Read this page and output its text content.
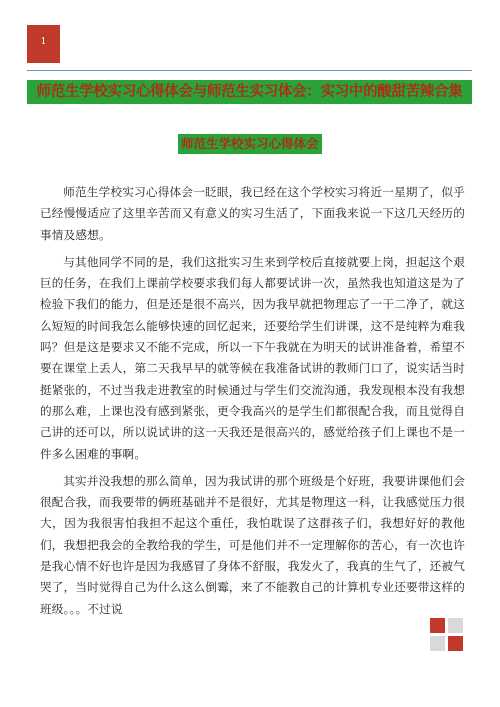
1
师范生学校实习心得体会与师范生实习体会：实习中的酸甜苦辣合集
师范生学校实习心得体会

师范生学校实习心得体会一眨眼，我已经在这个学校实习将近一星期了，似乎已经慢慢适应了这里辛苦而又有意义的实习生活了，下面我来说一下这几天经历的事情及感想。

与其他同学不同的是，我们这批实习生来到学校后直接就要上岗，担起这个艰巨的任务，在我们上课前学校要求我们每人都要试讲一次，虽然我也知道这是为了检验下我们的能力，但是还是很不高兴，因为我早就把物理忘了一干二净了，就这么短短的时间我怎么能够快速的回忆起来，还要给学生们讲课，这不是纯粹为难我吗？但是这是要求又不能不完成，所以一下午我就在为明天的试讲准备着，希望不要在课堂上丢人，第二天我早早的就等候在我准备试讲的教师门口了，说实话当时挺紧张的，不过当我走进教室的时候通过与学生们交流沟通，我发现根本没有我想的那么难，上课也没有感到紧张，更令我高兴的是学生们都很配合我，而且觉得自己讲的还可以，所以说试讲的这一天我还是很高兴的，感觉给孩子们上课也不是一件多么困难的事啊。

其实并没我想的那么简单，因为我试讲的那个班级是个好班，我要讲课他们会很配合我，而我要带的俩班基础并不是很好，尤其是物理这一科，让我感觉压力很大，因为我很害怕我担不起这个重任，我怕耽误了这群孩子们，我想好好的教他们，我想把我会的全教给我的学生，可是他们并不一定理解你的苦心，有一次也许是我心情不好也许是因为我感冒了身体不舒服，我发火了，我真的生气了，还被气哭了，当时觉得自己为什么这么倒霉，来了不能教自己的计算机专业还要带这样的班级。。。不过说
